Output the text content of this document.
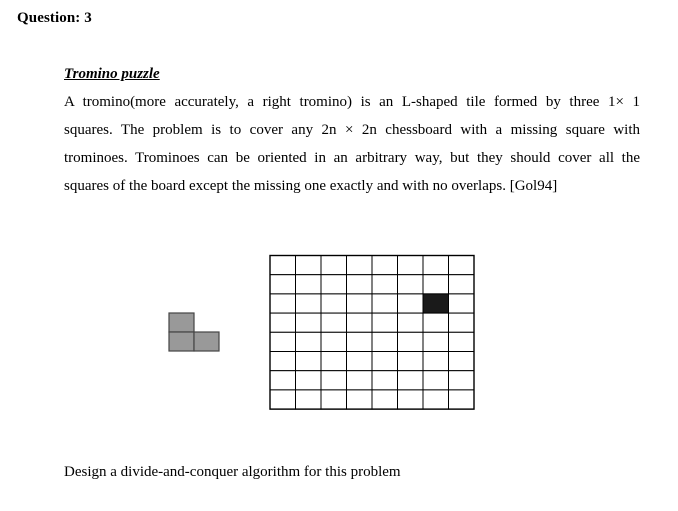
Question: 3
Tromino puzzle
A tromino(more accurately, a right tromino) is an L-shaped tile formed by three 1× 1
squares. The problem is to cover any 2n × 2n chessboard with a missing square with
trominoes. Trominoes can be oriented in an arbitrary way, but they should cover all the
squares of the board except the missing one exactly and with no overlaps. [Gol94]
Design a divide-and-conquer algorithm for this problem
